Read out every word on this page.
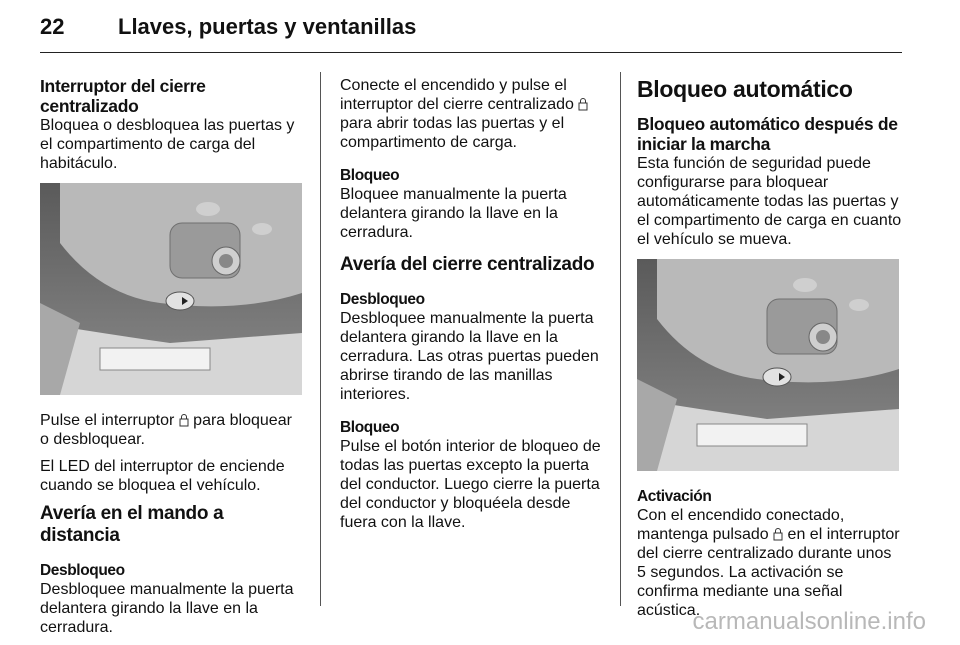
22 Llaves, puertas y ventanillas
Interruptor del cierre centralizado

Bloquea o desbloquea las puertas y el compartimento de carga del habitáculo.

Pulse el interruptor
para bloquear o desbloquear.

El LED del interruptor de enciende cuando se bloquea el vehículo.

Avería en el mando a distancia
Desbloqueo

Desbloquee manualmente la puerta delantera girando la llave en la cerradura.

Conecte el encendido y pulse el interruptor del cierre centralizado
para abrir todas las puertas y el compartimento de carga.

Bloqueo

Bloquee manualmente la puerta delantera girando la llave en la cerradura.

Avería del cierre centralizado
Desbloqueo

Desbloquee manualmente la puerta delantera girando la llave en la cerradura. Las otras puertas pueden abrirse tirando de las manillas interiores.

Bloqueo

Pulse el botón interior de bloqueo de todas las puertas excepto la puerta del conductor. Luego cierre la puerta del conductor y bloquéela desde fuera con la llave.

Bloqueo automático
Bloqueo automático después de iniciar la marcha

Esta función de seguridad puede configurarse para bloquear automáticamente todas las puertas y el compartimento de carga en cuanto el vehículo se mueva.

Activación

Con el encendido conectado, mantenga pulsado
en el interruptor del cierre centralizado durante unos 5 segundos. La activación se confirma mediante una señal acústica.

carmanualsonline.info
